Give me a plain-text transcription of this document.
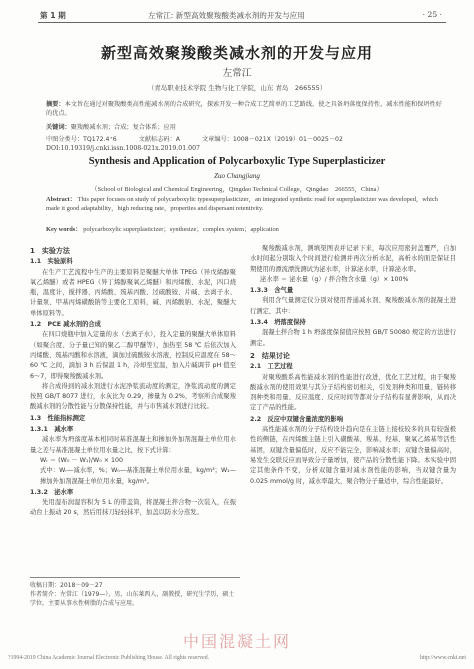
第 1 期	左常江: 新型高效聚羧酸类减水剂的开发与应用	· 25 ·
新型高效聚羧酸类减水剂的开发与应用
左常江
（青岛职业技术学院 生物与化工学院，山东 青岛　266555）
摘要：本文旨在通过对聚羧酸类高性能减水剂的合成研究，探索开发一种合成工艺简单的工艺路线，使之具备坍落度保持性、减水性能和保坍性好的优点。
关键词：聚羧酸减水剂；合成；复合体系；应用
中图分类号：TQ172.4⁺6	文献标志码：A	文章编号：1008－021X（2019）01－0025－02
DOI:10.19319/j.cnki.issn.1008-021x.2019.01.007
Synthesis and Application of Polycarboxylic Type Superplasticizer
Zuo Changjiang
（School of Biological and Chemical Engineering，Qingdao Technical College，Qingdao　266555，China）
Abstract： This paper focuses on study of polycarboxylic typesuperplasticizer，an integrated synthetic road for superplasticizer was developed，which made it good adaptability，high reducing rate，properties and dispersant retentivity.
Key words： polycarboxylic superplasticizer；synthesize；complex system；application
1　实验方法
1.1　实验原料

在生产工艺流程中生产的主要原料是聚醚大单体 TPEG（异戊烯醇聚氧乙烯醚）或者 HPEG（异丁烯醇聚氧乙烯醚）和丙烯酸、水泥，四口烧瓶，温度计，搅拌器、丙烯酸、巯基丙酸、过硫酸铵、片碱、去离子水、计量泵、甲基丙烯磺酸钠等主要化工原料，碱、丙烯酸钠、水泥，聚醚大单体原料等。

1.2　PCE 减水剂的合成

在四口烧瓶中加入定量的水（去离子水），投入定量的聚醚大单体原料（如聚合度、分子量已知的聚乙二醇甲醚等），加热至 58 ℃ 后依次加入丙烯酸、巯基丙酸和水溶液，滴加过硫酸铵水溶液，控制反应温度在 58～60 ℃ 之间，滴加 3 h 后保温 1 h，冷却至室温，加入片碱调节 pH 值至 6～7，即得聚羧酸减水剂。

将合成得到的减水剂进行水泥净浆流动度的测定，净浆流动度的测定按照 GB/T 8077 进行，水灰比为 0.29，掺量为 0.2%，考察所合成聚羧酸减水剂的分散性能与分散保持性能，并与市售减水剂进行比较。

1.3　性能指标测定
1.3.1　减水率

减水率为坍落度基本相同时基准混凝土和掺加外加剂混凝土单位用水量之差与基准混凝土单位用水量之比，按下式计算：

Wᵣ ＝ (W₀ － W₁)/W₀ × 100

式中：Wᵣ—减水率，%；W₀—基准混凝土单位用水量，kg/m³；W₁—掺加外加剂混凝土单位用水量，kg/m³。

1.3.2　泌水率

先用湿布润湿容积为 5 L 的带盖筒，将混凝土拌合物一次装入，在振动台上振动 20 s，然后用抹刀轻轻抹平，加盖以防水分蒸发。

聚羧酸减水剂，测填渠图表并记录下来，每次应用密封盖覆严，自加水时间起分别取入个时间进行检测并再次分析水泥，高析水的面是保证目期使用的漂流漂洗测试为泌水率，计算泌水率，计算泌水率。

泌水率 ＝ 泌水量（g）/ 拌合物含水量（g）× 100%

1.3.3　含气量

利用含气量测定仪分别对使用普通减水剂、聚羧酸减水剂的混凝土进行测定，其中：

1.3.4　坍落度保持

混凝土拌合物 1 h 坍落度保留值应按照 GB/T 50080 规定的方法进行测定。

2　结果讨论
2.1　工艺过程

对聚羧酸系高性能减水剂的性能进行改进，优化工艺过程，由于聚羧酸减水剂的使用效果与其分子结构密切相关，引发剂种类和用量、链转移剂种类和用量、反应温度、反应时间等都对分子结构有显著影响，从而决定了产品的性能。

2.2　反应中双键含量浓度的影响

高性能减水剂的分子结构设计趋向是在主链上接枝较多的具有较强极性的侧链，在丙烯酸主链上引入磺酸基、羧基、羟基、聚氧乙烯基等活性基团，双键含量偏低时，反应不能完全，影响减水率；双键含量偏高时，易发生交联反应而导致分子量增加，使产品的分散性能下降。本实验中固定其他条件不变，分析双键含量对减水剂性能的影响，当双键含量为 0.025 mmol/g 时，减水率最大，聚合物分子量适中，综合性能最好。

收稿日期：2018－09－27
作者简介：左常江（1979—），男，山东莱西人，副教授，研究生学历，硕士学位，主要从事水性树脂的合成与应用。
中国混凝土网
?1994-2019 China Academic Journal Electronic Publishing House. All rights reserved.	http://www.cnki.net
